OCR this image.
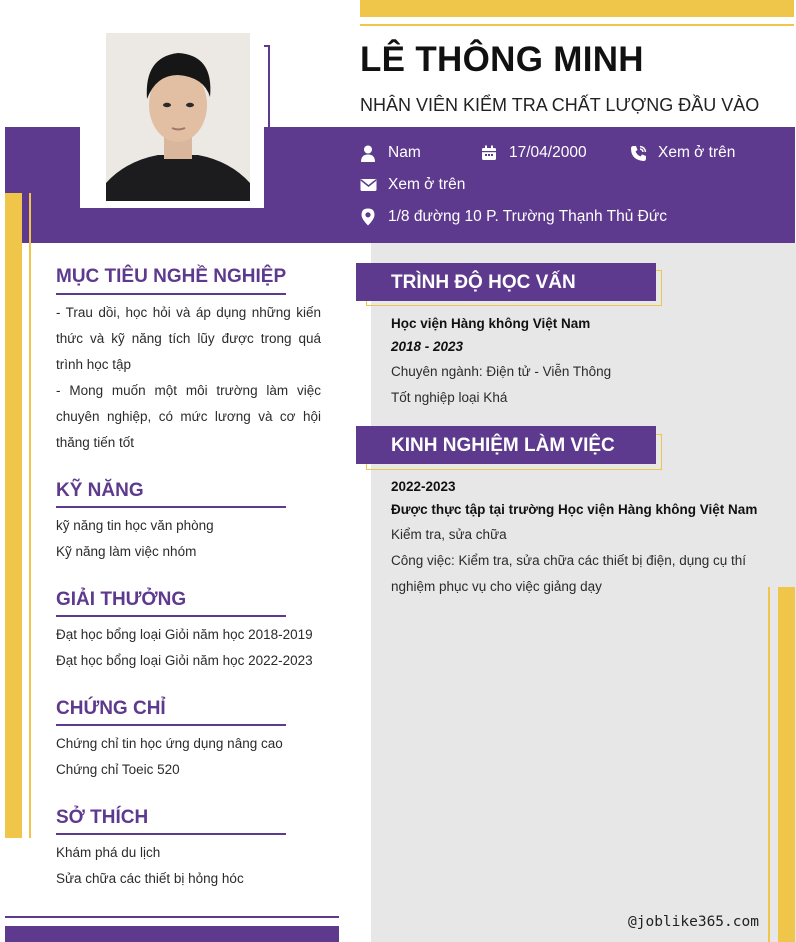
LÊ THÔNG MINH
NHÂN VIÊN KIỂM TRA CHẤT LƯỢNG ĐẦU VÀO
Nam	17/04/2000	Xem ở trên
Xem ở trên
1/8 đường 10 P. Trường Thạnh Thủ Đức
MỤC TIÊU NGHỀ NGHIỆP
- Trau dồi, học hỏi và áp dụng những kiến thức và kỹ năng tích lũy được trong quá trình học tập
- Mong muốn một môi trường làm việc chuyên nghiệp, có mức lương và cơ hội thăng tiến tốt
KỸ NĂNG
kỹ năng tin học văn phòng
Kỹ năng làm việc nhóm
GIẢI THƯỞNG
Đạt học bổng loại Giỏi năm học 2018-2019
Đạt học bổng loại Giỏi năm học 2022-2023
CHỨNG CHỈ
Chứng chỉ tin học ứng dụng nâng cao
Chứng chỉ Toeic 520
SỞ THÍCH
Khám phá du lịch
Sửa chữa các thiết bị hỏng hóc
TRÌNH ĐỘ HỌC VẤN
Học viện Hàng không Việt Nam
2018 - 2023
Chuyên ngành: Điện tử - Viễn Thông
Tốt nghiệp loại Khá
KINH NGHIỆM LÀM VIỆC
2022-2023
Được thực tập tại trường Học viện Hàng không Việt Nam
Kiểm tra, sửa chữa
Công việc: Kiểm tra, sửa chữa các thiết bị điện, dụng cụ thí
nghiệm phục vụ cho việc giảng dạy
@joblike365.com
